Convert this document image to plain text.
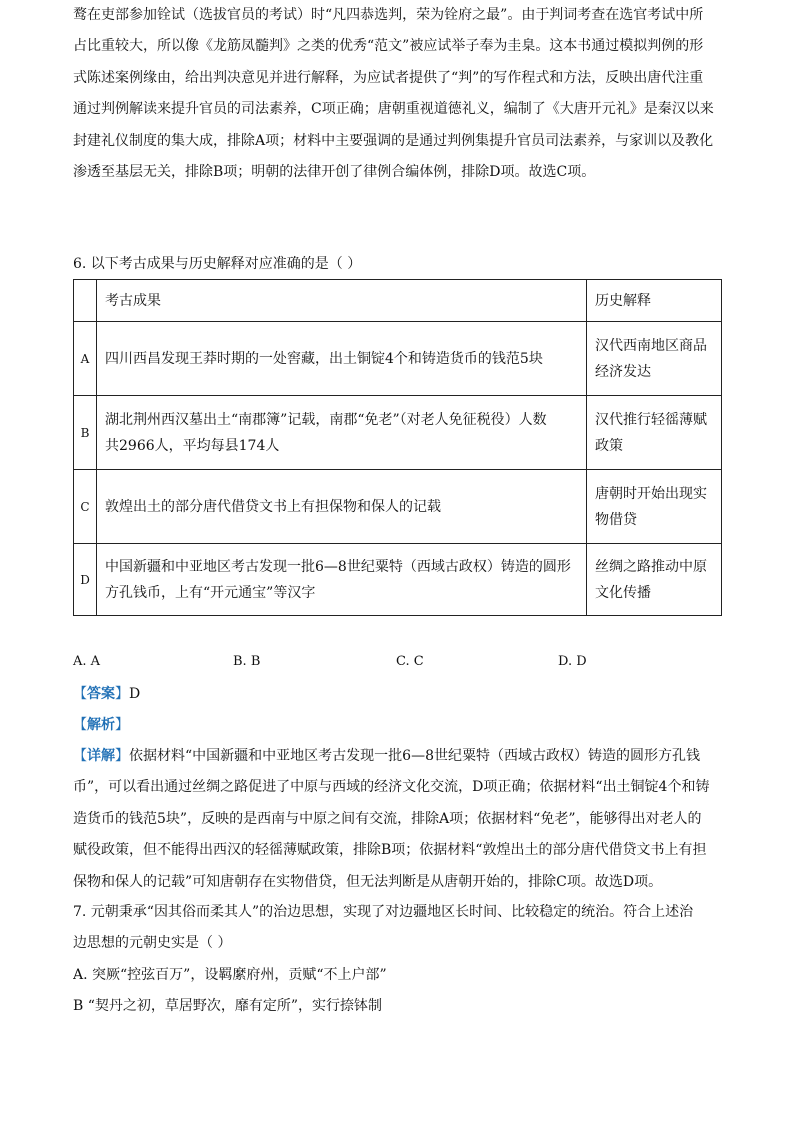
鹜在吏部参加铨试（选拔官员的考试）时“凡四恭选判，荣为铨府之最”。由于判词考查在选官考试中所
占比重较大，所以像《龙筋凤髓判》之类的优秀“范文”被应试举子奉为圭臬。这本书通过模拟判例的形
式陈述案例缘由，给出判决意见并进行解释，为应试者提供了“判”的写作程式和方法，反映出唐代注重
通过判例解读来提升官员的司法素养，C项正确；唐朝重视道德礼义，编制了《大唐开元礼》是秦汉以来
封建礼仪制度的集大成，排除A项；材料中主要强调的是通过判例集提升官员司法素养，与家训以及教化
渗透至基层无关，排除B项；明朝的法律开创了律例合编体例，排除D项。故选C项。
6. 以下考古成果与历史解释对应准确的是（ ）
	考古成果	历史解释
A	四川西昌发现王莽时期的一处窖藏，出土铜锭4个和铸造货币的钱范5块	汉代西南地区商品
经济发达
B	湖北荆州西汉墓出土“南郡簿”记载，南郡“免老”（对老人免征税役）人数
共2966人，平均每县174人	汉代推行轻徭薄赋
政策
C	敦煌出土的部分唐代借贷文书上有担保物和保人的记载	唐朝时开始出现实
物借贷
D	中国新疆和中亚地区考古发现一批6—8世纪粟特（西域古政权）铸造的圆形
方孔钱币，上有“开元通宝”等汉字	丝绸之路推动中原
文化传播
A. A	B. B	C. C	D. D
【答案】D
【解析】
【详解】依据材料“中国新疆和中亚地区考古发现一批6—8世纪粟特（西域古政权）铸造的圆形方孔钱
币”，可以看出通过丝绸之路促进了中原与西域的经济文化交流，D项正确；依据材料“出土铜锭4个和铸
造货币的钱范5块”，反映的是西南与中原之间有交流，排除A项；依据材料“免老”，能够得出对老人的
赋役政策，但不能得出西汉的轻徭薄赋政策，排除B项；依据材料“敦煌出土的部分唐代借贷文书上有担
保物和保人的记载”可知唐朝存在实物借贷，但无法判断是从唐朝开始的，排除C项。故选D项。
7. 元朝秉承“因其俗而柔其人”的治边思想，实现了对边疆地区长时间、比较稳定的统治。符合上述治
边思想的元朝史实是（ ）
A. 突厥“控弦百万”，设羁縻府州，贡赋“不上户部”
B “契丹之初，草居野次，靡有定所”，实行捺钵制
